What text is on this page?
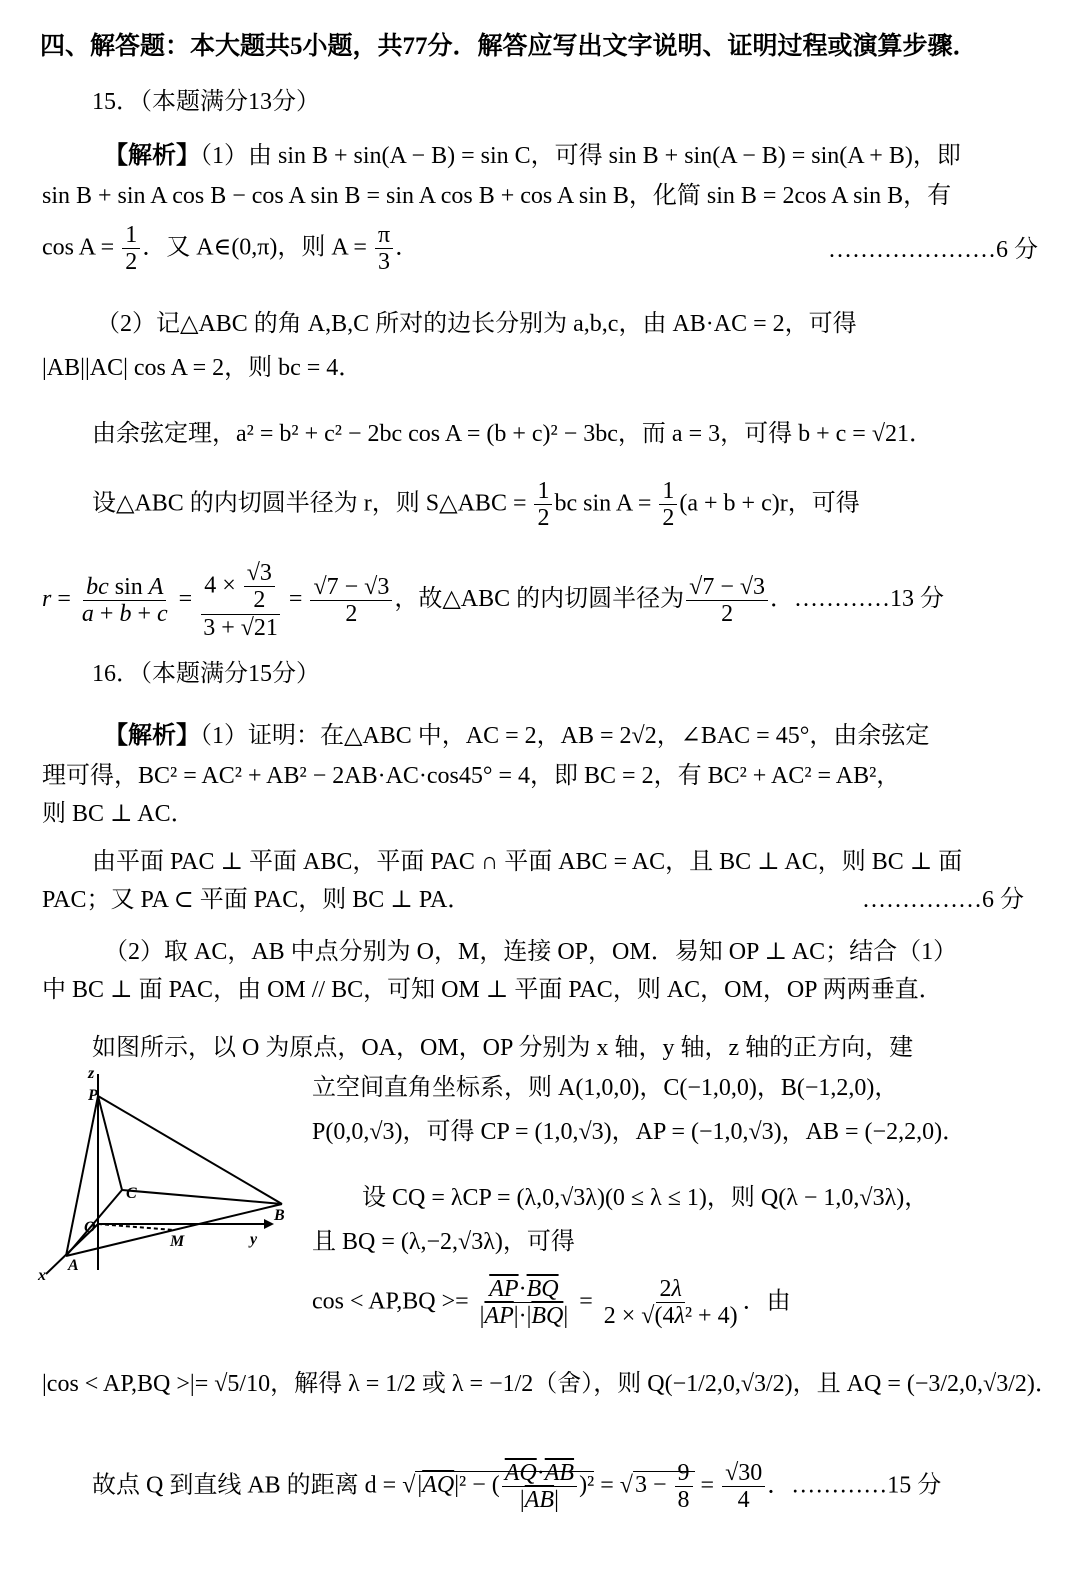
四、解答题：本大题共5小题，共77分．解答应写出文字说明、证明过程或演算步骤．
15．（本题满分13分）
【解析】（1）由 sin B + sin(A − B) = sin C，可得 sin B + sin(A − B) = sin(A + B)，即
sin B + sin A cos B − cos A sin B = sin A cos B + cos A sin B，化简 sin B = 2cos A sin B，有
$\cos A = \frac{1}{2}$ ．又 A∈(0,π)，则 $A = \frac{\pi}{3}$ ．	…………………6 分
（2）记△ABC 的角 A,B,C 所对的边长分别为 a,b,c，由 AB·AC = 2，可得
|AB||AC| cos A = 2，则 bc = 4．
由余弦定理，a² = b² + c² − 2bc cos A = (b + c)² − 3bc，而 a = 3，可得 b + c = √21．
设△ABC 的内切圆半径为 r，则 S△ABC = $\frac{1}{2}$ bc $\sin A = \frac{1}{2} (a + b + c)r$，可得
$r = \frac{\text{bc sin A}}{a + b + c} = \frac{4 \times \frac{√3}{2}}{3 + √21} = \frac{√7 - √3}{2}$ ，故△ABC 的内切圆半径为 $\frac{√7 - √3}{2}$ ．…………13 分
16．（本题满分15分）
【解析】（1）证明：在△ABC 中，AC = 2，AB = 2√2，∠BAC = 45°，由余弦定
理可得，BC² = AC² + AB² − 2AB·AC·cos45° = 4，即 BC = 2，有 BC² + AC² = AB²，
则 BC ⊥ AC．
由平面 PAC ⊥ 平面 ABC，平面 PAC ∩ 平面 ABC = AC，且 BC ⊥ AC，则 BC ⊥ 面
PAC；又 PA ⊂ 平面 PAC，则 BC ⊥ PA．	……………6 分
（2）取 AC，AB 中点分别为 O，M，连接 OP，OM．易知 OP ⊥ AC；结合（1）
中 BC ⊥ 面 PAC，由 OM // BC，可知 OM ⊥ 平面 PAC，则 AC，OM，OP 两两垂直．
如图所示，以 O 为原点，OA，OM，OP 分别为 x 轴，y 轴，z 轴的正方向，建
立空间直角坐标系，则 A(1,0,0)，C(−1,0,0)，B(−1,2,0)，
P(0,0,√3)，可得 CP = (1,0,√3)，AP = (−1,0,√3)，AB = (−2,2,0)．
设 CQ = λCP = (λ,0,√3λ)(0 ≤ λ ≤ 1)，则 Q(λ − 1,0,√3λ)，
且 BQ = (λ,−2,√3λ)，可得
$\cos < AP,BQ >= \frac{\overline{AP}\cdot\overline{BQ}}{|\overline{AP}|\cdot|\overline{BQ}|} = \frac{2\lambda}{\text{2 × √(4λ² + 4)}}$ ．由
|cos < AP,BQ >|= √5/10，解得 λ = 1/2 或 λ = −1/2（舍），则 Q(−1/2,0,√3/2)，且 AQ = (−3/2,0,√3/2)．
故点 Q 到直线 AB 的距离 $d = √|\overline{AQ}|^2$ − ( $\frac{\overline{AQ}\cdot\overline{AB}}{|\overline{AB}|} )^2 = √3 - \frac{9}{8} = \frac{√30}{4}$ ．…………15 分
z
P
C
O
M
B
y
x
A
